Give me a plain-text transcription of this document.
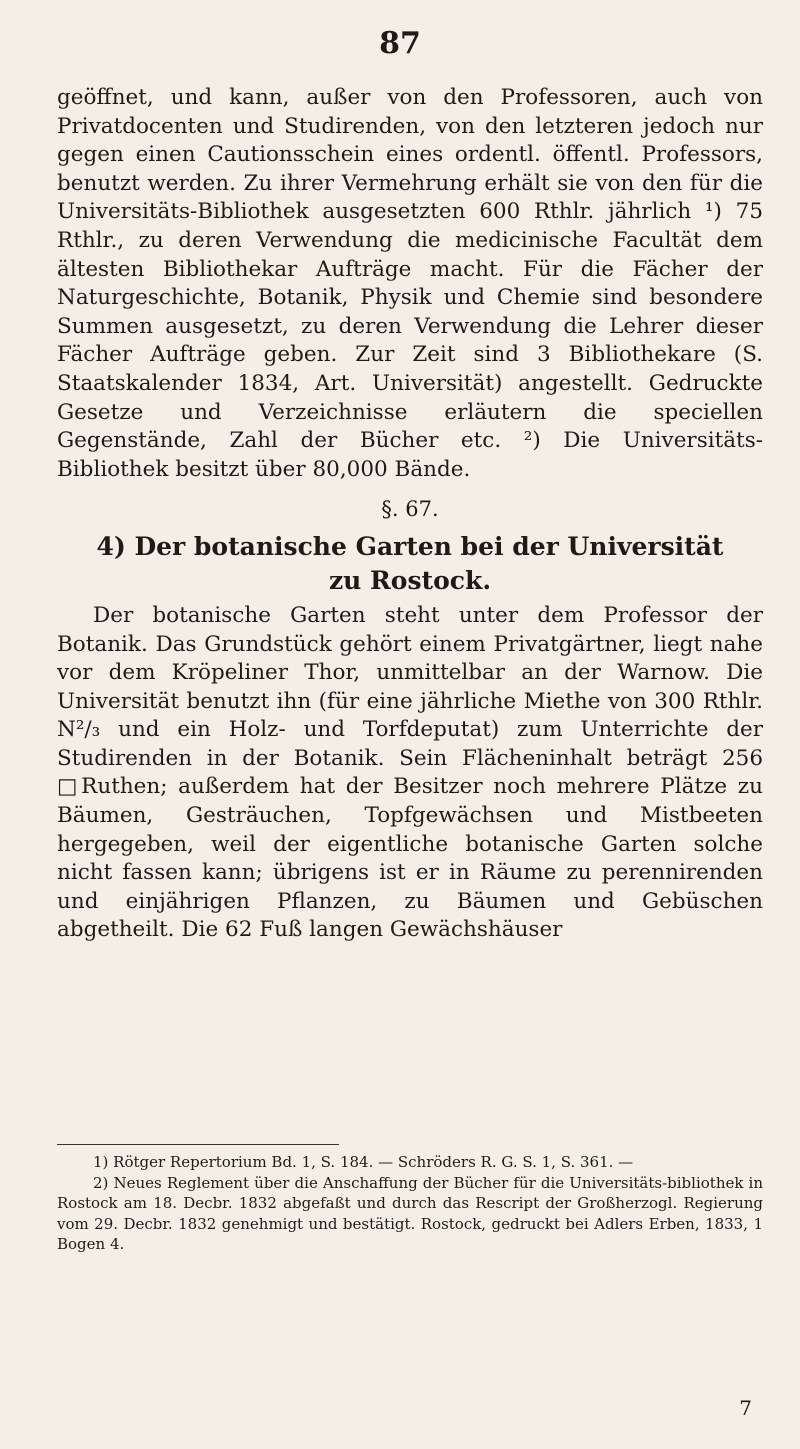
87

geöffnet, und kann, außer von den Professoren, auch von Privatdocenten und Studirenden, von den letzteren jedoch nur gegen einen Cautionsschein eines ordentl. öffentl. Professors, benutzt werden. Zu ihrer Vermehrung erhält sie von den für die Universitäts-Bibliothek ausgesetzten 600 Rthlr. jährlich ¹) 75 Rthlr., zu deren Verwendung die medicinische Facultät dem ältesten Bibliothekar Aufträge macht. Für die Fächer der Naturgeschichte, Botanik, Physik und Chemie sind besondere Summen ausgesetzt, zu deren Verwendung die Lehrer dieser Fächer Aufträge geben. Zur Zeit sind 3 Bibliothekare (S. Staatskalender 1834, Art. Universität) angestellt. Gedruckte Gesetze und Verzeichnisse erläutern die speciellen Gegenstände, Zahl der Bücher etc. ²) Die Universitäts-Bibliothek besitzt über 80,000 Bände.

§. 67.

4) Der botanische Garten bei der Universität
zu Rostock.

Der botanische Garten steht unter dem Professor der Botanik. Das Grundstück gehört einem Privatgärtner, liegt nahe vor dem Kröpeliner Thor, unmittelbar an der Warnow. Die Universität benutzt ihn (für eine jährliche Miethe von 300 Rthlr. N²/₃ und ein Holz- und Torfdeputat) zum Unterrichte der Studirenden in der Botanik. Sein Flächeninhalt beträgt 256 □Ruthen; außerdem hat der Besitzer noch mehrere Plätze zu Bäumen, Gesträuchen, Topfgewächsen und Mistbeeten hergegeben, weil der eigentliche botanische Garten solche nicht fassen kann; übrigens ist er in Räume zu perennirenden und einjährigen Pflanzen, zu Bäumen und Gebüschen abgetheilt. Die 62 Fuß langen Gewächshäuser

1) Rötger Repertorium Bd. 1, S. 184. — Schröders R. G. S. 1, S. 361. —

2) Neues Reglement über die Anschaffung der Bücher für die Universitäts-bibliothek in Rostock am 18. Decbr. 1832 abgefaßt und durch das Rescript der Großherzogl. Regierung vom 29. Decbr. 1832 genehmigt und bestätigt. Rostock, gedruckt bei Adlers Erben, 1833, 1 Bogen 4.

7
